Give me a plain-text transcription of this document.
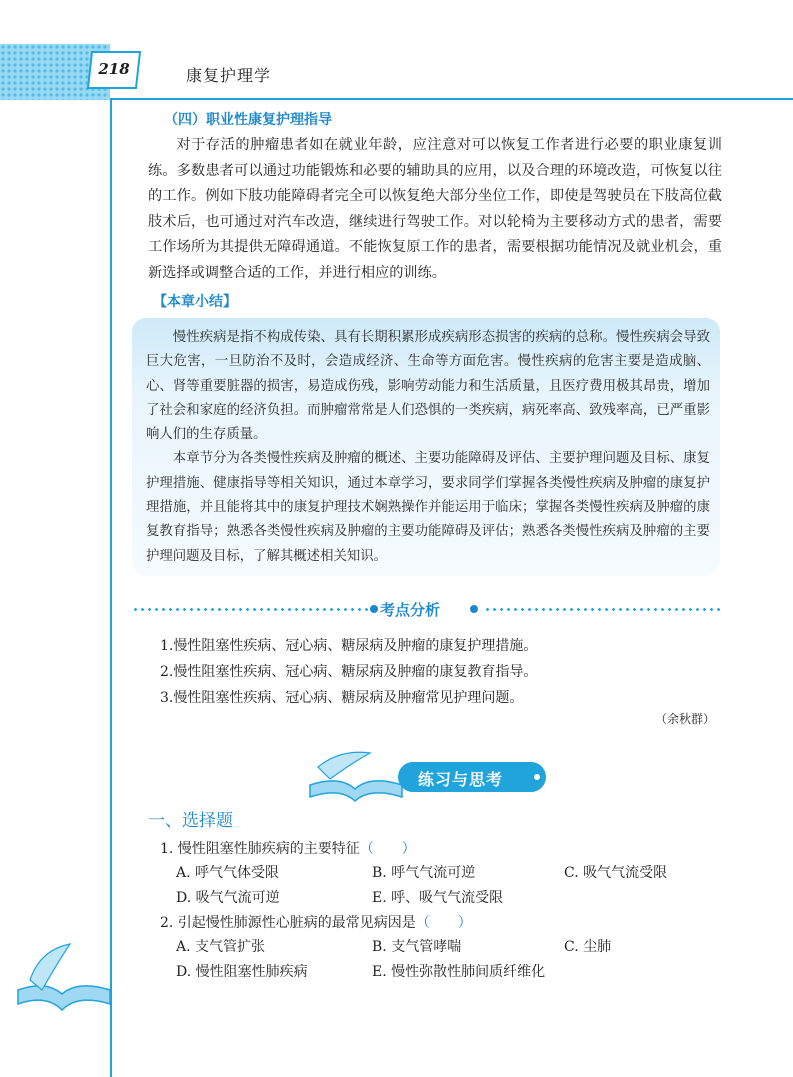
218	康复护理学
（四）职业性康复护理指导

对于存活的肿瘤患者如在就业年龄，应注意对可以恢复工作者进行必要的职业康复训练。多数患者可以通过功能锻炼和必要的辅助具的应用，以及合理的环境改造，可恢复以往的工作。例如下肢功能障碍者完全可以恢复绝大部分坐位工作，即使是驾驶员在下肢高位截肢术后，也可通过对汽车改造，继续进行驾驶工作。对以轮椅为主要移动方式的患者，需要工作场所为其提供无障碍通道。不能恢复原工作的患者，需要根据功能情况及就业机会，重新选择或调整合适的工作，并进行相应的训练。

【本章小结】

慢性疾病是指不构成传染、具有长期积累形成疾病形态损害的疾病的总称。慢性疾病会导致巨大危害，一旦防治不及时，会造成经济、生命等方面危害。慢性疾病的危害主要是造成脑、心、肾等重要脏器的损害，易造成伤残，影响劳动能力和生活质量，且医疗费用极其昂贵，增加了社会和家庭的经济负担。而肿瘤常常是人们恐惧的一类疾病，病死率高、致残率高，已严重影响人们的生存质量。

本章节分为各类慢性疾病及肿瘤的概述、主要功能障碍及评估、主要护理问题及目标、康复护理措施、健康指导等相关知识，通过本章学习，要求同学们掌握各类慢性疾病及肿瘤的康复护理措施，并且能将其中的康复护理技术娴熟操作并能运用于临床；掌握各类慢性疾病及肿瘤的康复教育指导；熟悉各类慢性疾病及肿瘤的主要功能障碍及评估；熟悉各类慢性疾病及肿瘤的主要护理问题及目标，了解其概述相关知识。

考点分析
1.慢性阻塞性疾病、冠心病、糖尿病及肿瘤的康复护理措施。
2.慢性阻塞性疾病、冠心病、糖尿病及肿瘤的康复教育指导。
3.慢性阻塞性疾病、冠心病、糖尿病及肿瘤常见护理问题。
（余秋群）
练习与思考
一、选择题
1. 慢性阻塞性肺疾病的主要特征（　　）
A. 呼气气体受限	B. 呼气气流可逆	C. 吸气气流受限
D. 吸气气流可逆	E. 呼、吸气气流受限
2. 引起慢性肺源性心脏病的最常见病因是（　　）
A. 支气管扩张	B. 支气管哮喘	C. 尘肺
D. 慢性阻塞性肺疾病	E. 慢性弥散性肺间质纤维化
